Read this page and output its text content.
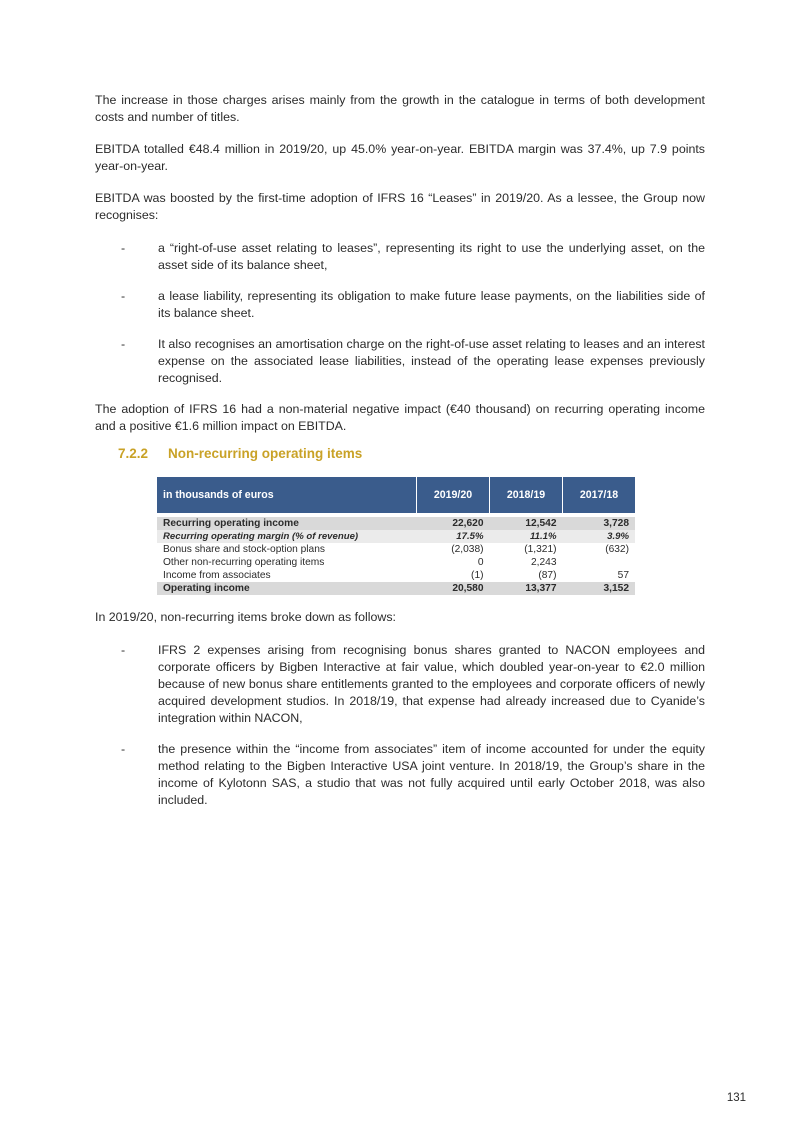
The increase in those charges arises mainly from the growth in the catalogue in terms of both development costs and number of titles.

EBITDA totalled €48.4 million in 2019/20, up 45.0% year-on-year. EBITDA margin was 37.4%, up 7.9 points year-on-year.

EBITDA was boosted by the first-time adoption of IFRS 16 “Leases” in 2019/20. As a lessee, the Group now recognises:

-	a “right-of-use asset relating to leases”, representing its right to use the underlying asset, on the asset side of its balance sheet,
-	a lease liability, representing its obligation to make future lease payments, on the liabilities side of its balance sheet.
-	It also recognises an amortisation charge on the right-of-use asset relating to leases and an interest expense on the associated lease liabilities, instead of the operating lease expenses previously recognised.

The adoption of IFRS 16 had a non-material negative impact (€40 thousand) on recurring operating income and a positive €1.6 million impact on EBITDA.

7.2.2 Non-recurring operating items
in thousands of euros	2019/20	2018/19	2017/18

Recurring operating income	22,620	12,542	3,728
Recurring operating margin (% of revenue)	17.5%	11.1%	3.9%
Bonus share and stock-option plans	(2,038)	(1,321)	(632)
Other non-recurring operating items	0	2,243	
Income from associates	(1)	(87)	57
Operating income	20,580	13,377	3,152

In 2019/20, non-recurring items broke down as follows:

-	IFRS 2 expenses arising from recognising bonus shares granted to NACON employees and corporate officers by Bigben Interactive at fair value, which doubled year-on-year to €2.0 million because of new bonus share entitlements granted to the employees and corporate officers of newly acquired development studios. In 2018/19, that expense had already increased due to Cyanide’s integration within NACON,
-	the presence within the “income from associates” item of income accounted for under the equity method relating to the Bigben Interactive USA joint venture. In 2018/19, the Group’s share in the income of Kylotonn SAS, a studio that was not fully acquired until early October 2018, was also included.
131
